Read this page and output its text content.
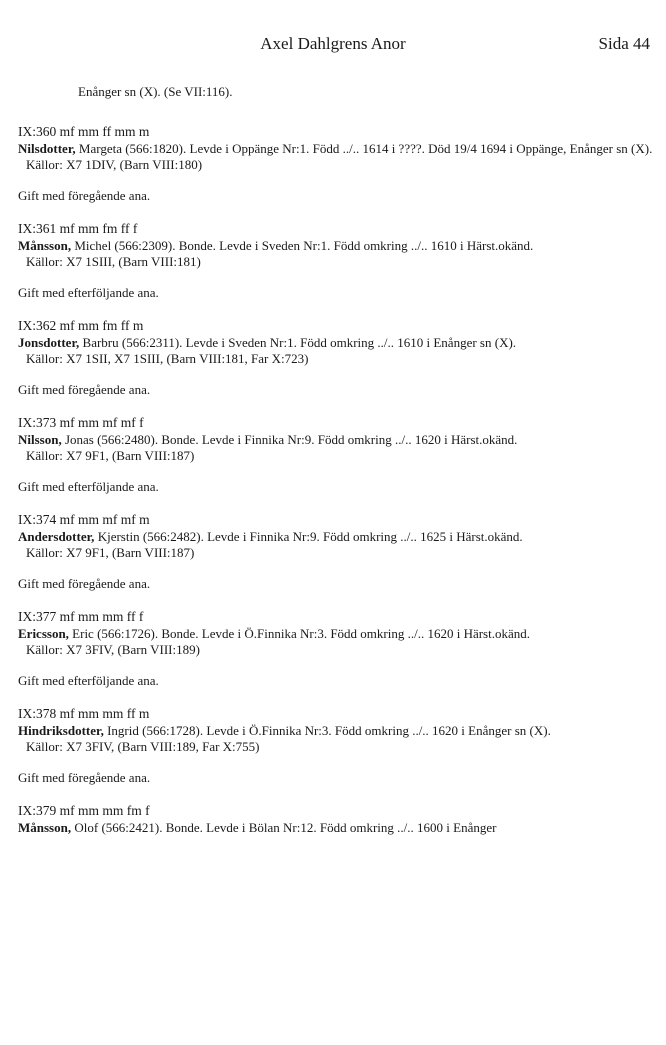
Axel Dahlgrens Anor	Sida 44
Enånger sn (X). (Se VII:116).
IX:360 mf mm ff mm m
Nilsdotter, Margeta (566:1820). Levde i Oppänge Nr:1. Född ../.. 1614 i ????. Död 19/4 1694 i Oppänge, Enånger sn (X).
Källor: X7 1DIV, (Barn VIII:180)
Gift med föregående ana.
IX:361 mf mm fm ff f
Månsson, Michel (566:2309). Bonde. Levde i Sveden Nr:1. Född omkring ../.. 1610 i Härst.okänd.
Källor: X7 1SIII, (Barn VIII:181)
Gift med efterföljande ana.
IX:362 mf mm fm ff m
Jonsdotter, Barbru (566:2311). Levde i Sveden Nr:1. Född omkring ../.. 1610 i Enånger sn (X).
Källor: X7 1SII, X7 1SIII, (Barn VIII:181, Far X:723)
Gift med föregående ana.
IX:373 mf mm mf mf f
Nilsson, Jonas (566:2480). Bonde. Levde i Finnika Nr:9. Född omkring ../.. 1620 i Härst.okänd.
Källor: X7 9F1, (Barn VIII:187)
Gift med efterföljande ana.
IX:374 mf mm mf mf m
Andersdotter, Kjerstin (566:2482). Levde i Finnika Nr:9. Född omkring ../.. 1625 i Härst.okänd.
Källor: X7 9F1, (Barn VIII:187)
Gift med föregående ana.
IX:377 mf mm mm ff f
Ericsson, Eric (566:1726). Bonde. Levde i Ö.Finnika Nr:3. Född omkring ../.. 1620 i Härst.okänd.
Källor: X7 3FIV, (Barn VIII:189)
Gift med efterföljande ana.
IX:378 mf mm mm ff m
Hindriksdotter, Ingrid (566:1728). Levde i Ö.Finnika Nr:3. Född omkring ../.. 1620 i Enånger sn (X).
Källor: X7 3FIV, (Barn VIII:189, Far X:755)
Gift med föregående ana.
IX:379 mf mm mm fm f
Månsson, Olof (566:2421). Bonde. Levde i Bölan Nr:12. Född omkring ../.. 1600 i Enånger
